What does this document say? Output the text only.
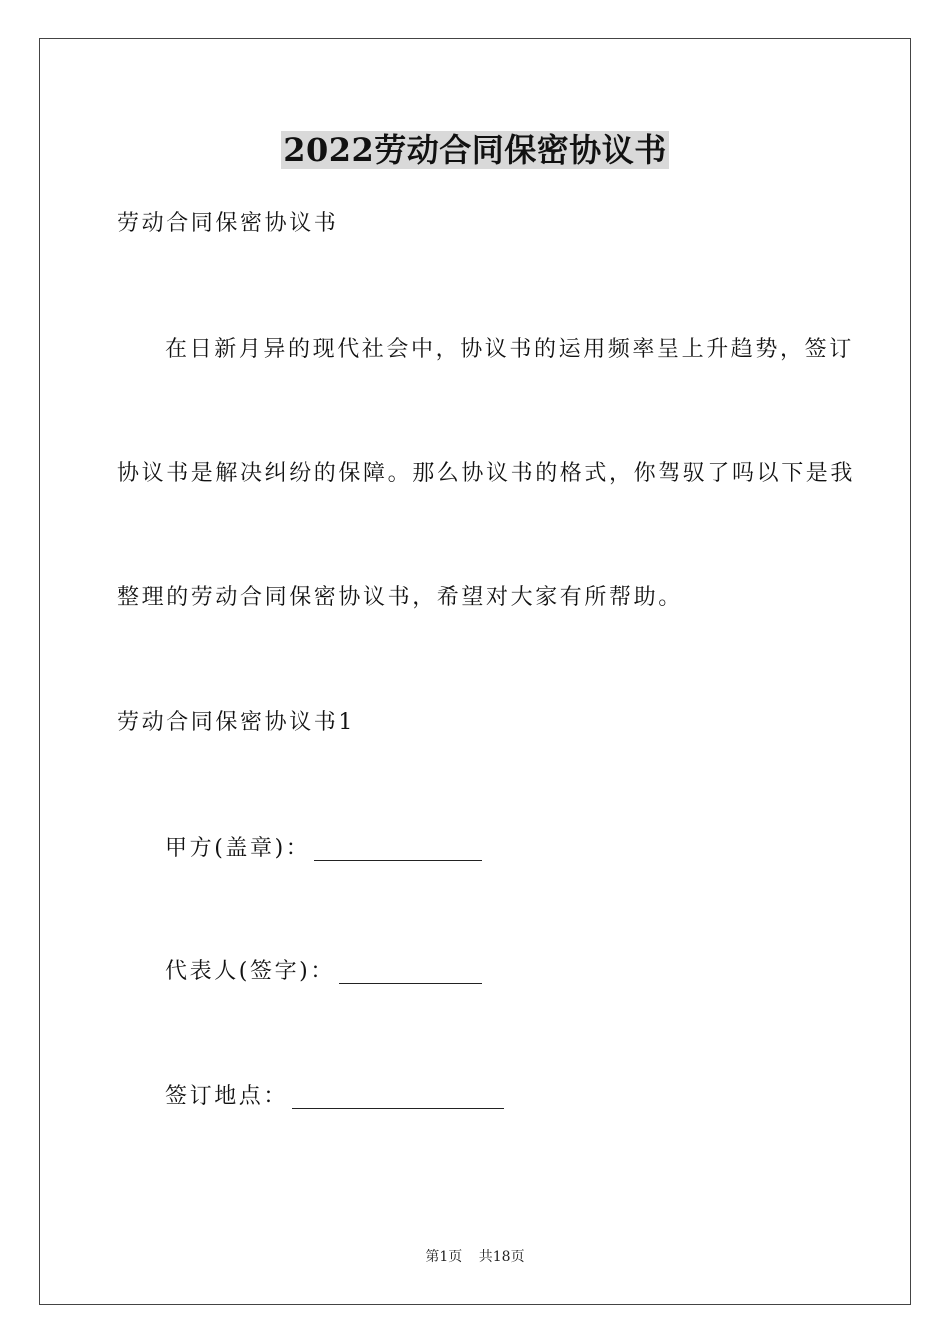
2022劳动合同保密协议书
劳动合同保密协议书
在日新月异的现代社会中，协议书的运用频率呈上升趋势，签订
协议书是解决纠纷的保障。那么协议书的格式，你驾驭了吗以下是我
整理的劳动合同保密协议书，希望对大家有所帮助。
劳动合同保密协议书1
甲方(盖章)：
代表人(签字)：
签订地点：
第1页 共18页
